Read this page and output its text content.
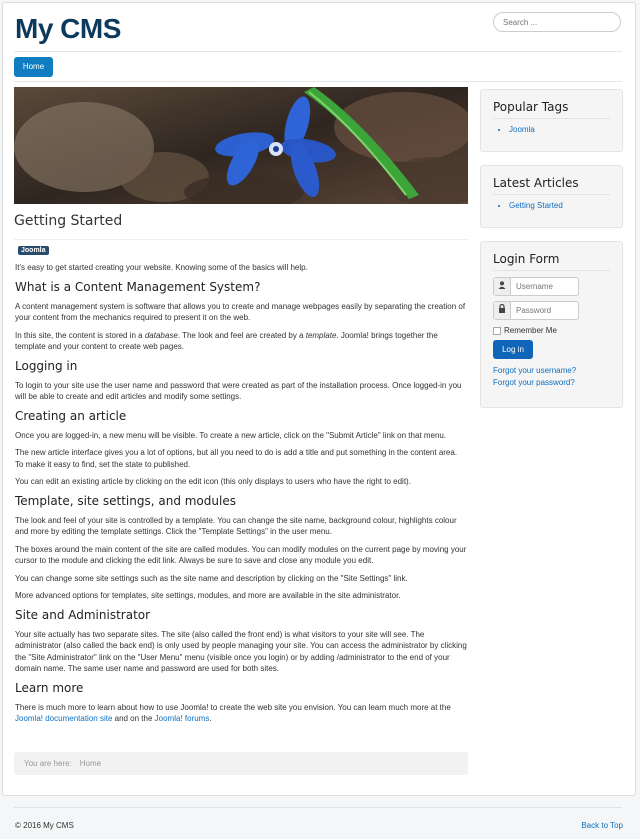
My CMS
Search ...
Home
Getting Started
Joomla

It's easy to get started creating your website. Knowing some of the basics will help.

What is a Content Management System?

A content management system is software that allows you to create and manage webpages easily by separating the creation of your content from the mechanics required to present it on the web.

In this site, the content is stored in a database. The look and feel are created by a template. Joomla! brings together the template and your content to create web pages.

Logging in

To login to your site use the user name and password that were created as part of the installation process. Once logged-in you will be able to create and edit articles and modify some settings.

Creating an article

Once you are logged-in, a new menu will be visible. To create a new article, click on the "Submit Article" link on that menu.

The new article interface gives you a lot of options, but all you need to do is add a title and put something in the content area. To make it easy to find, set the state to published.

You can edit an existing article by clicking on the edit icon (this only displays to users who have the right to edit).

Template, site settings, and modules

The look and feel of your site is controlled by a template. You can change the site name, background colour, highlights colour and more by editing the template settings. Click the "Template Settings" in the user menu.

The boxes around the main content of the site are called modules. You can modify modules on the current page by moving your cursor to the module and clicking the edit link. Always be sure to save and close any module you edit.

You can change some site settings such as the site name and description by clicking on the "Site Settings" link.

More advanced options for templates, site settings, modules, and more are available in the site administrator.

Site and Administrator

Your site actually has two separate sites. The site (also called the front end) is what visitors to your site will see. The administrator (also called the back end) is only used by people managing your site. You can access the administrator by clicking the "Site Administrator" link on the "User Menu" menu (visible once you login) or by adding /administrator to the end of your domain name. The same user name and password are used for both sites.

Learn more

There is much more to learn about how to use Joomla! to create the web site you envision. You can learn much more at the Joomla! documentation site and on the Joomla! forums.

You are here: Home
Popular Tags
• Joomla
Latest Articles
• Getting Started
Login Form
Username
Remember Me
Log in
Forgot your username?
Forgot your password?
© 2016 My CMS	Back to Top
